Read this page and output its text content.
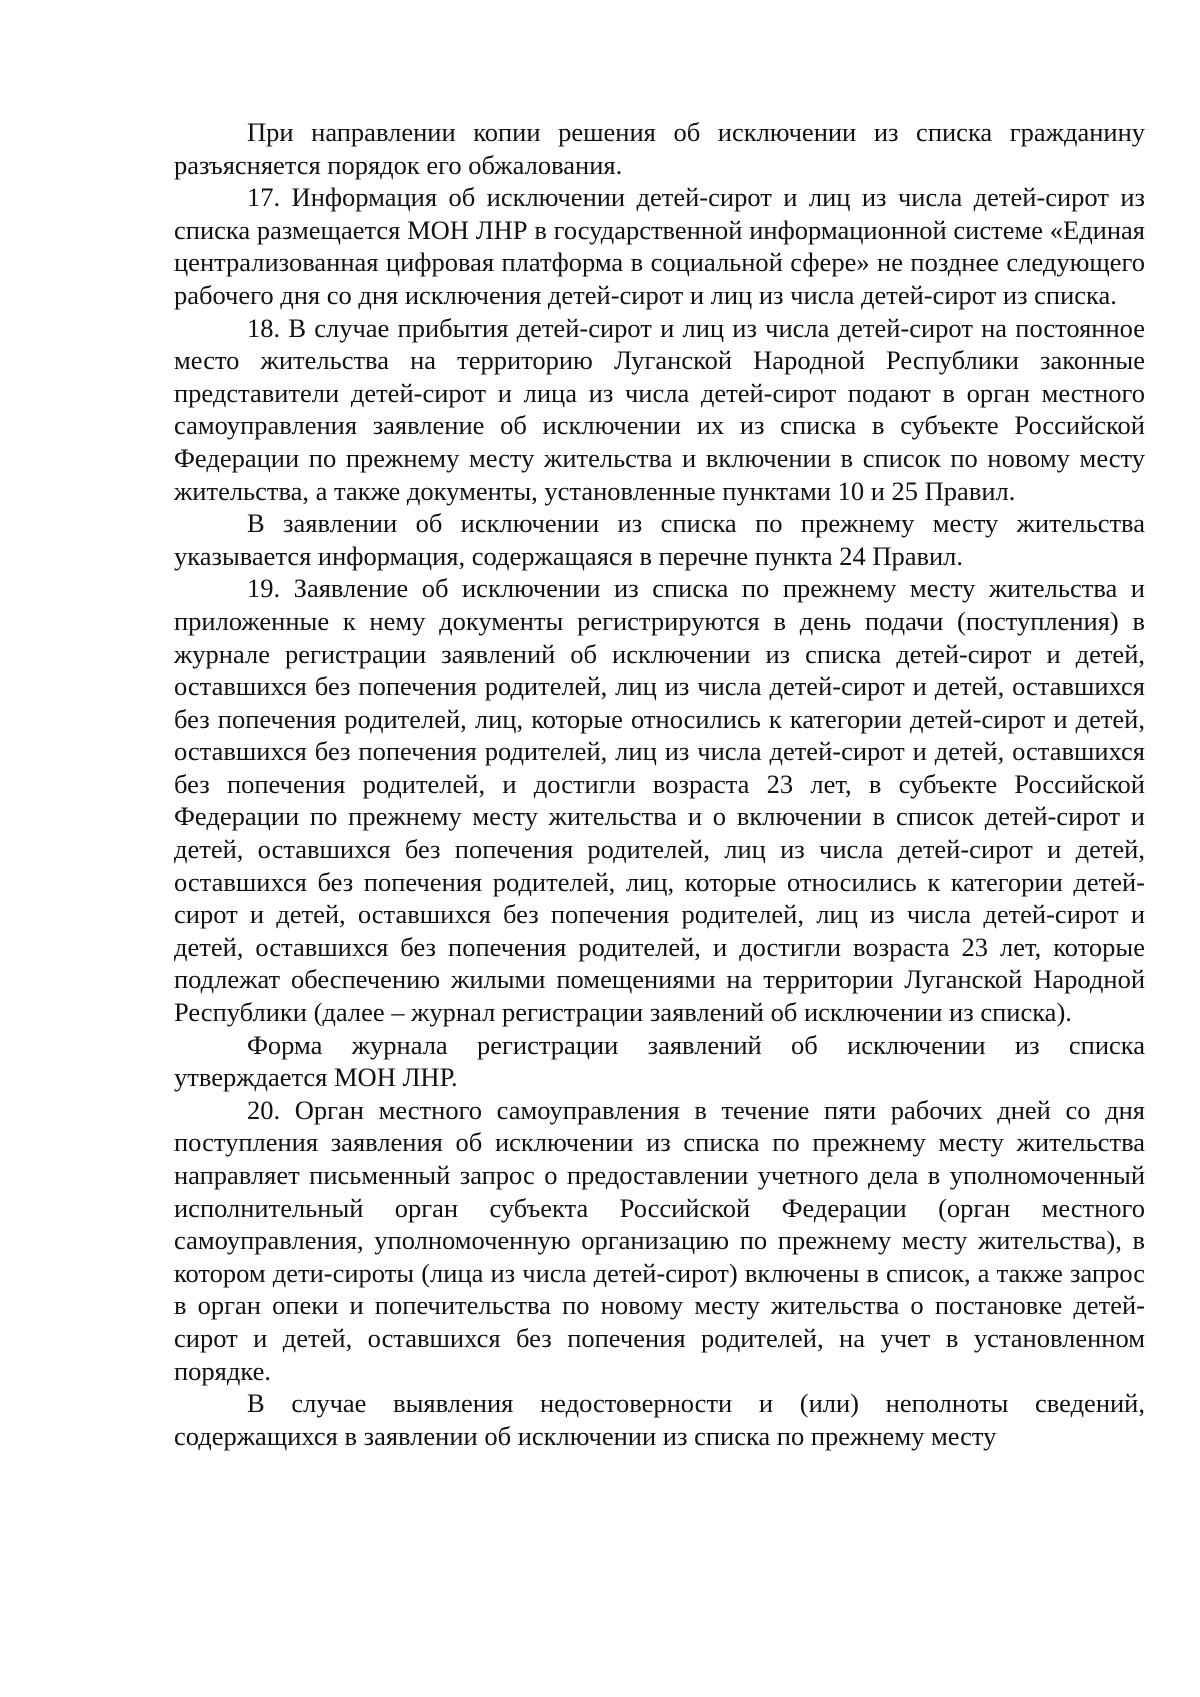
При направлении копии решения об исключении из списка гражданину разъясняется порядок его обжалования.

17. Информация об исключении детей-сирот и лиц из числа детей-сирот из списка размещается МОН ЛНР в государственной информационной системе «Единая централизованная цифровая платформа в социальной сфере» не позднее следующего рабочего дня со дня исключения детей-сирот и лиц из числа детей-сирот из списка.

18. В случае прибытия детей-сирот и лиц из числа детей-сирот на постоянное место жительства на территорию Луганской Народной Республики законные представители детей-сирот и лица из числа детей-сирот подают в орган местного самоуправления заявление об исключении их из списка в субъекте Российской Федерации по прежнему месту жительства и включении в список по новому месту жительства, а также документы, установленные пунктами 10 и 25 Правил.

В заявлении об исключении из списка по прежнему месту жительства указывается информация, содержащаяся в перечне пункта 24 Правил.

19. Заявление об исключении из списка по прежнему месту жительства и приложенные к нему документы регистрируются в день подачи (поступления) в журнале регистрации заявлений об исключении из списка детей-сирот и детей, оставшихся без попечения родителей, лиц из числа детей-сирот и детей, оставшихся без попечения родителей, лиц, которые относились к категории детей-сирот и детей, оставшихся без попечения родителей, лиц из числа детей-сирот и детей, оставшихся без попечения родителей, и достигли возраста 23 лет, в субъекте Российской Федерации по прежнему месту жительства и о включении в список детей-сирот и детей, оставшихся без попечения родителей, лиц из числа детей-сирот и детей, оставшихся без попечения родителей, лиц, которые относились к категории детей-сирот и детей, оставшихся без попечения родителей, лиц из числа детей-сирот и детей, оставшихся без попечения родителей, и достигли возраста 23 лет, которые подлежат обеспечению жилыми помещениями на территории Луганской Народной Республики (далее – журнал регистрации заявлений об исключении из списка).

Форма журнала регистрации заявлений об исключении из списка утверждается МОН ЛНР.

20. Орган местного самоуправления в течение пяти рабочих дней со дня поступления заявления об исключении из списка по прежнему месту жительства направляет письменный запрос о предоставлении учетного дела в уполномоченный исполнительный орган субъекта Российской Федерации (орган местного самоуправления, уполномоченную организацию по прежнему месту жительства), в котором дети-сироты (лица из числа детей-сирот) включены в список, а также запрос в орган опеки и попечительства по новому месту жительства о постановке детей-сирот и детей, оставшихся без попечения родителей, на учет в установленном порядке.

В случае выявления недостоверности и (или) неполноты сведений, содержащихся в заявлении об исключении из списка по прежнему месту
